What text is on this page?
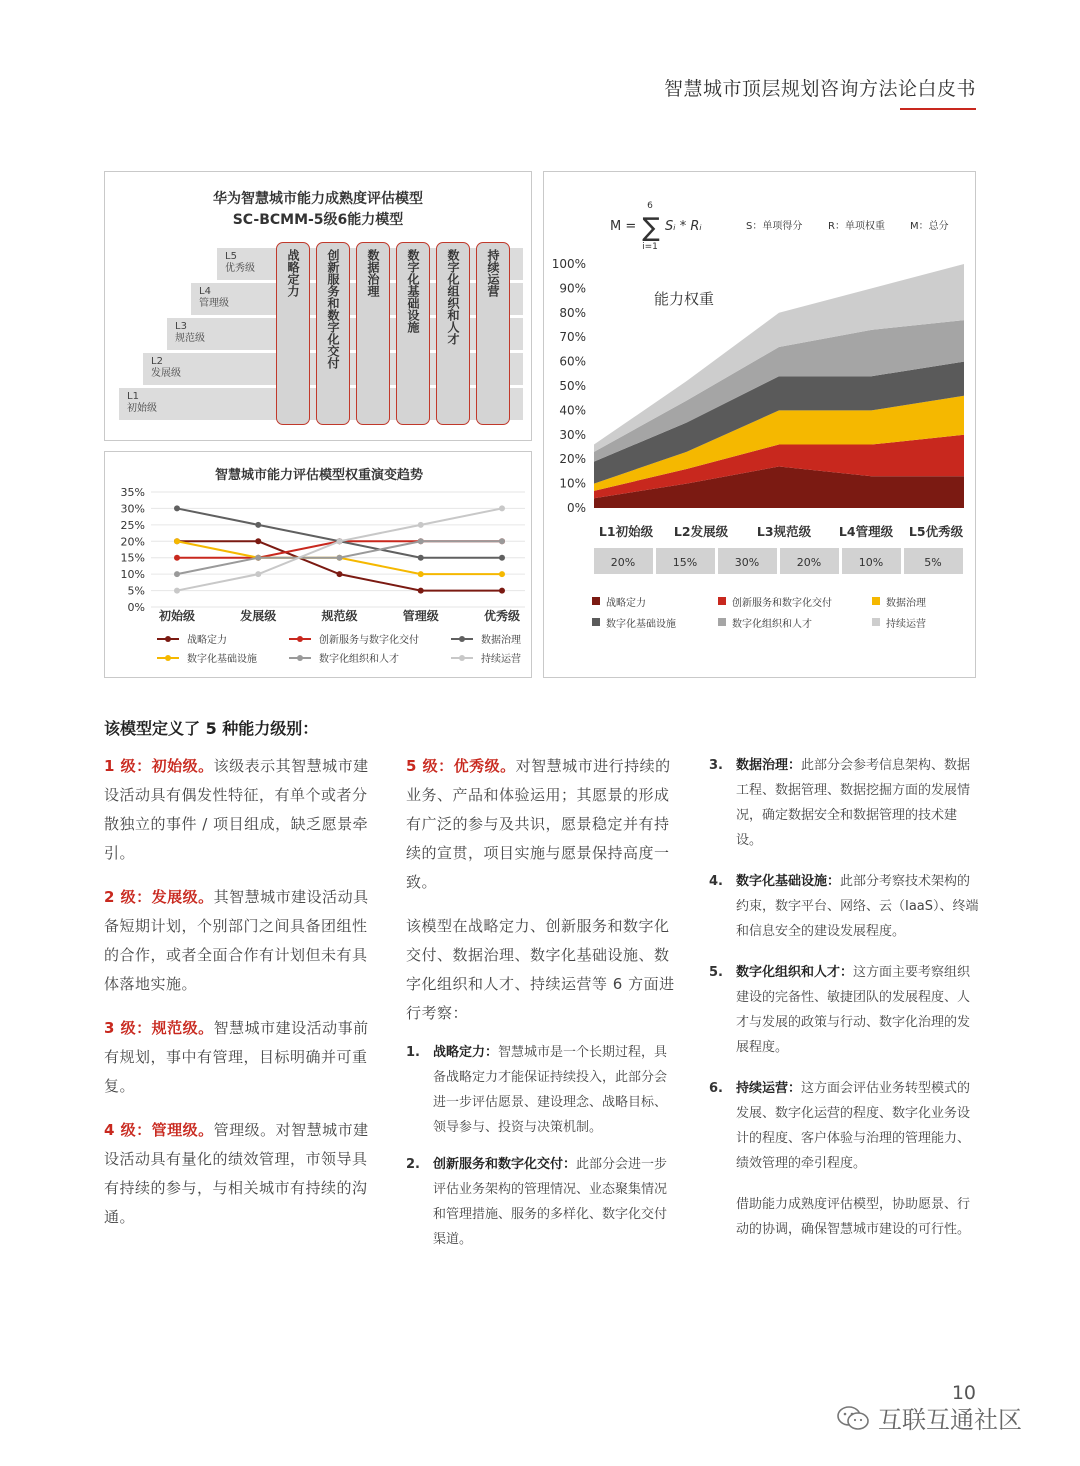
智慧城市顶层规划咨询方法论白皮书
华为智慧城市能力成熟度评估模型
SC-BCMM-5级6能力模型
L5
优秀级
L4
管理级
L3
规范级
L2
发展级
L1
初始级
战略定力	创新服务和数字化交付	数据治理	数字化基础设施	数字化组织和人才	持续运营
智慧城市能力评估模型权重演变趋势
35%
30%
25%
20%
15%
10%
5%
0%
初始级	发展级	规范级	管理级	优秀级
战略定力	创新服务与数字化交付	数据治理
数字化基础设施	数字化组织和人才	持续运营
M =
6
∑
i=1
Sᵢ * Rᵢ	S：单项得分	R：单项权重	M：总分
100%
90%
80%
70%
60%
50%
40%
30%
20%
10%
0%
能力权重
L1初始级 L2发展级 L3规范级 L4管理级 L5优秀级
20%	15%	30%	20%	10%	5%
战略定力	创新服务和数字化交付	数据治理
数字化基础设施	数字化组织和人才	持续运营
该模型定义了 5 种能力级别：

1 级：初始级。该级表示其智慧城市建设活动具有偶发性特征，有单个或者分散独立的事件 / 项目组成，缺乏愿景牵引。

2 级：发展级。其智慧城市建设活动具备短期计划，个别部门之间具备团组性的合作，或者全面合作有计划但未有具体落地实施。

3 级：规范级。智慧城市建设活动事前有规划，事中有管理，目标明确并可重复。

4 级：管理级。管理级。对智慧城市建设活动具有量化的绩效管理，市领导具有持续的参与，与相关城市有持续的沟通。

5 级：优秀级。对智慧城市进行持续的业务、产品和体验运用；其愿景的形成有广泛的参与及共识，愿景稳定并有持续的宣贯，项目实施与愿景保持高度一致。

该模型在战略定力、创新服务和数字化交付、数据治理、数字化基础设施、数字化组织和人才、持续运营等 6 方面进行考察：

1. 战略定力：智慧城市是一个长期过程，具备战略定力才能保证持续投入，此部分会进一步评估愿景、建设理念、战略目标、领导参与、投资与决策机制。
2. 创新服务和数字化交付：此部分会进一步评估业务架构的管理情况、业态聚集情况和管理措施、服务的多样化、数字化交付渠道。
3. 数据治理：此部分会参考信息架构、数据工程、数据管理、数据挖掘方面的发展情况，确定数据安全和数据管理的技术建设。
4. 数字化基础设施：此部分考察技术架构的约束，数字平台、网络、云（IaaS）、终端和信息安全的建设发展程度。
5. 数字化组织和人才：这方面主要考察组织建设的完备性、敏捷团队的发展程度、人才与发展的政策与行动、数字化治理的发展程度。
6. 持续运营：这方面会评估业务转型模式的发展、数字化运营的程度、数字化业务设计的程度、客户体验与治理的管理能力、绩效管理的牵引程度。
借助能力成熟度评估模型，协助愿景、行动的协调，确保智慧城市建设的可行性。
10
互联互通社区
